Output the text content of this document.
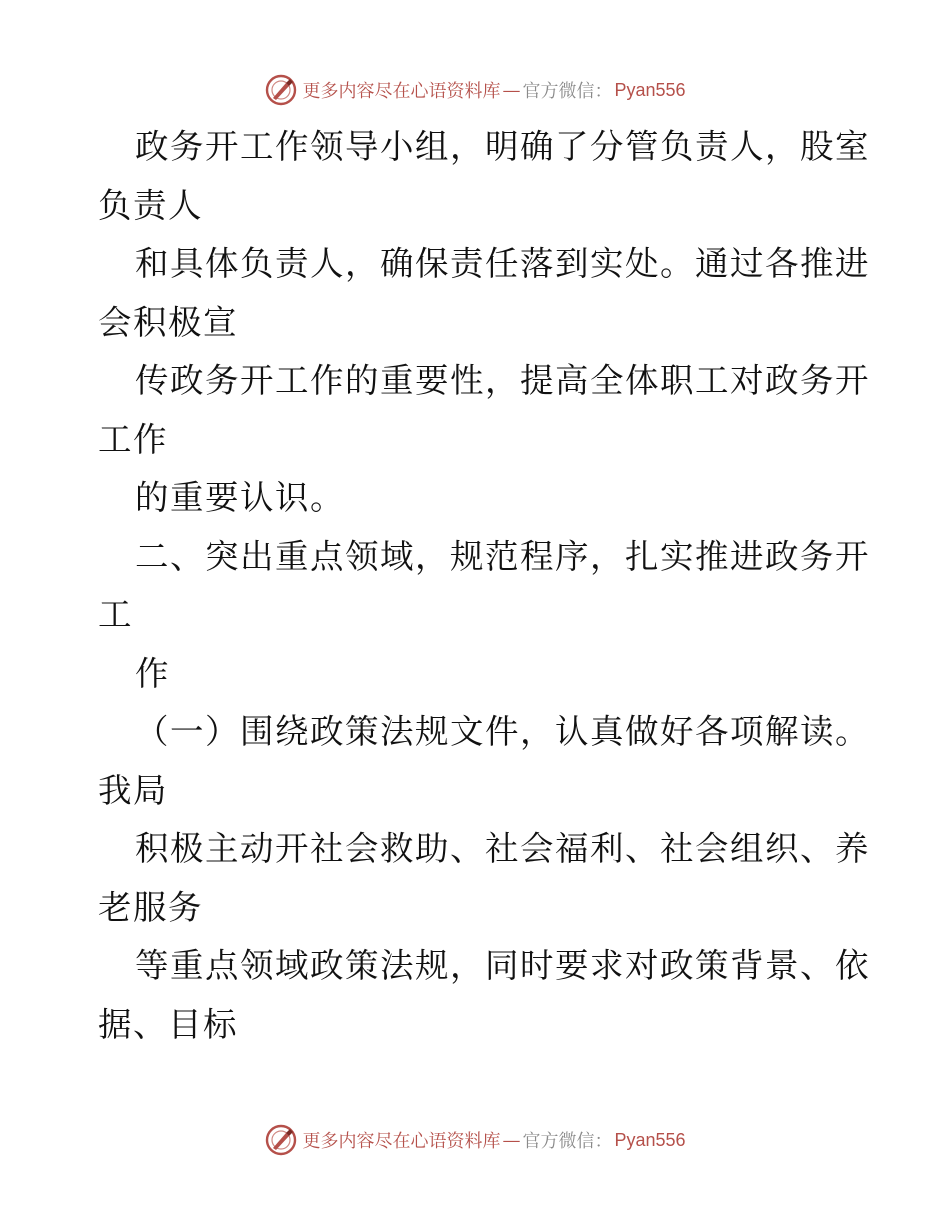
更多内容尽在心语资料库 — 官方微信： Pyan556
政务开工作领导小组，明确了分管负责人，股室
负责人
和具体负责人，确保责任落到实处。通过各推进
会积极宣
传政务开工作的重要性，提高全体职工对政务开
工作
的重要认识。
二、突出重点领域，规范程序，扎实推进政务开
工
作
（一）围绕政策法规文件，认真做好各项解读。
我局
积极主动开社会救助、社会福利、社会组织、养
老服务
等重点领域政策法规，同时要求对政策背景、依
据、目标
更多内容尽在心语资料库 — 官方微信： Pyan556
